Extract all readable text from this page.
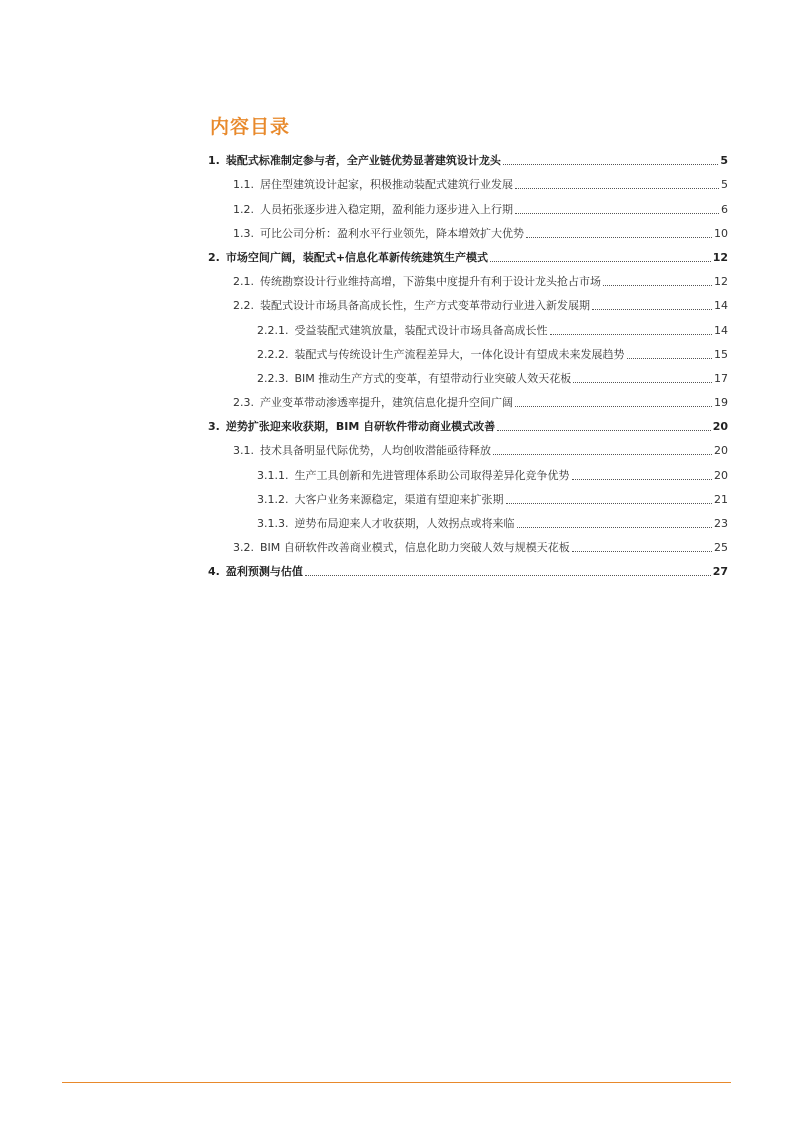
内容目录
1. 装配式标准制定参与者，全产业链优势显著建筑设计龙头	5
1.1. 居住型建筑设计起家，积极推动装配式建筑行业发展	5
1.2. 人员拓张逐步进入稳定期，盈利能力逐步进入上行期	6
1.3. 可比公司分析：盈利水平行业领先，降本增效扩大优势	10
2. 市场空间广阔，装配式+信息化革新传统建筑生产模式	12
2.1. 传统勘察设计行业维持高增，下游集中度提升有利于设计龙头抢占市场	12
2.2. 装配式设计市场具备高成长性，生产方式变革带动行业进入新发展期	14
2.2.1. 受益装配式建筑放量，装配式设计市场具备高成长性	14
2.2.2. 装配式与传统设计生产流程差异大，一体化设计有望成未来发展趋势	15
2.2.3. BIM 推动生产方式的变革，有望带动行业突破人效天花板	17
2.3. 产业变革带动渗透率提升，建筑信息化提升空间广阔	19
3. 逆势扩张迎来收获期，BIM 自研软件带动商业模式改善	20
3.1. 技术具备明显代际优势，人均创收潜能亟待释放	20
3.1.1. 生产工具创新和先进管理体系助公司取得差异化竞争优势	20
3.1.2. 大客户业务来源稳定，渠道有望迎来扩张期	21
3.1.3. 逆势布局迎来人才收获期，人效拐点或将来临	23
3.2. BIM 自研软件改善商业模式，信息化助力突破人效与规模天花板	25
4. 盈利预测与估值	27
